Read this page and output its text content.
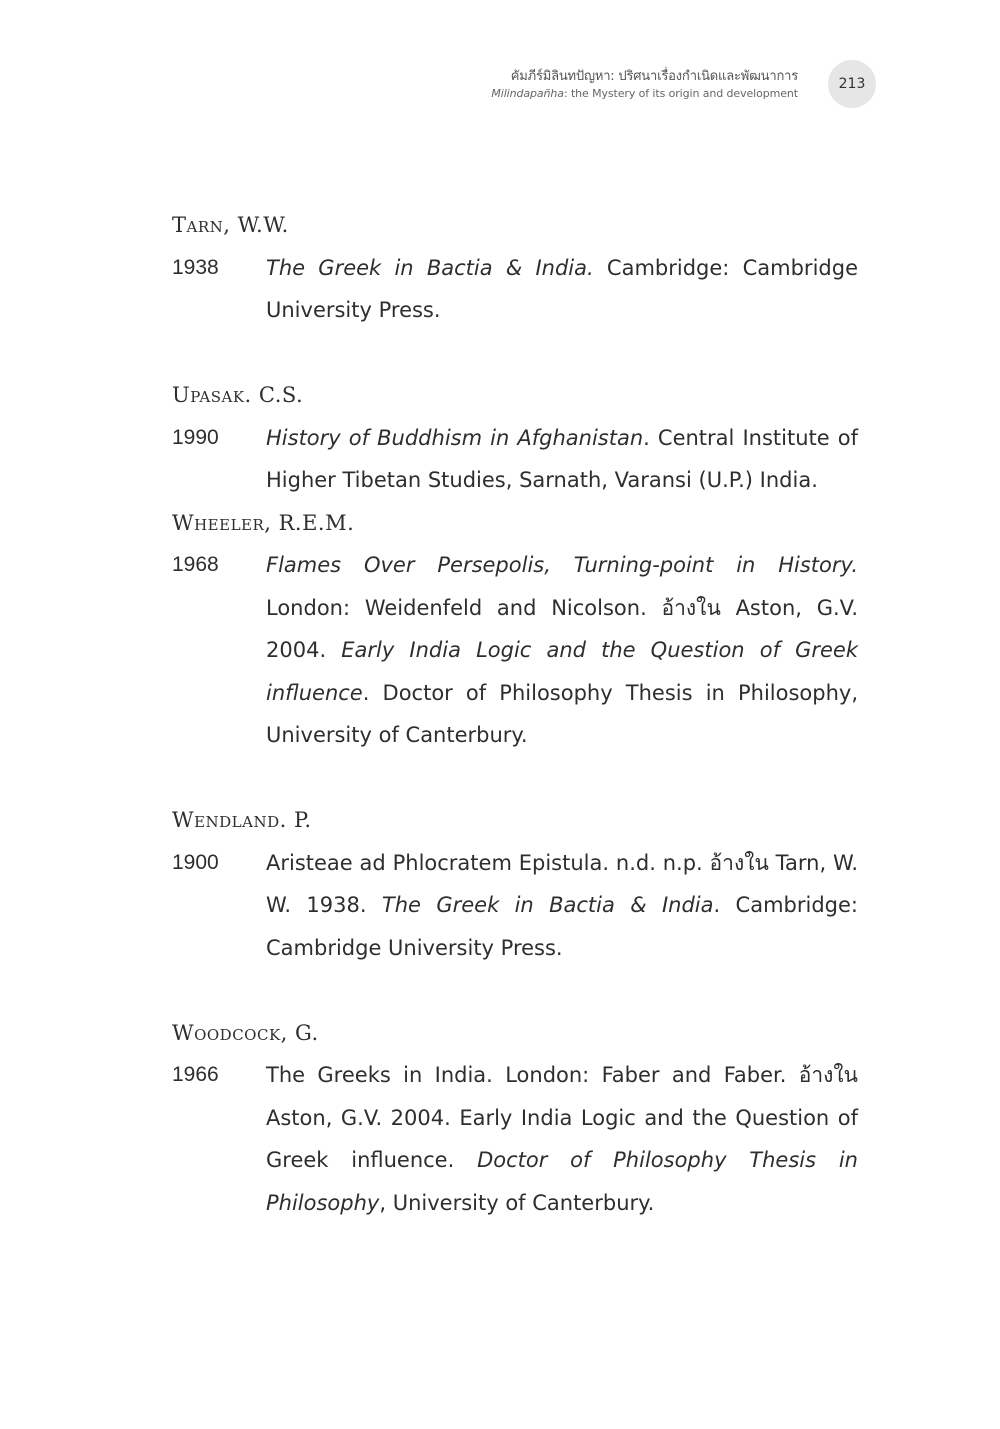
คัมภีร์มิลินทปัญหา: ปริศนาเรื่องกำเนิดและพัฒนาการ
Milindapañha: the Mystery of its origin and development
213
Tarn, W.W.
1938	The Greek in Bactia & India. Cambridge: Cambridge University Press.
Upasak. C.S.
1990	History of Buddhism in Afghanistan. Central Institute of Higher Tibetan Studies, Sarnath, Varansi (U.P.) India.
Wheeler, R.E.M.
1968	Flames Over Persepolis, Turning-point in History. London: Weidenfeld and Nicolson. อ้างใน Aston, G.V. 2004. Early India Logic and the Question of Greek influence. Doctor of Philosophy Thesis in Philosophy, University of Canterbury.
Wendland. P.
1900	Aristeae ad Phlocratem Epistula. n.d. n.p. อ้างใน Tarn, W. W. 1938. The Greek in Bactia & India. Cambridge: Cambridge University Press.
Woodcock, G.
1966	The Greeks in India. London: Faber and Faber. อ้างใน Aston, G.V. 2004. Early India Logic and the Question of Greek influence. Doctor of Philosophy Thesis in Philosophy, University of Canterbury.
